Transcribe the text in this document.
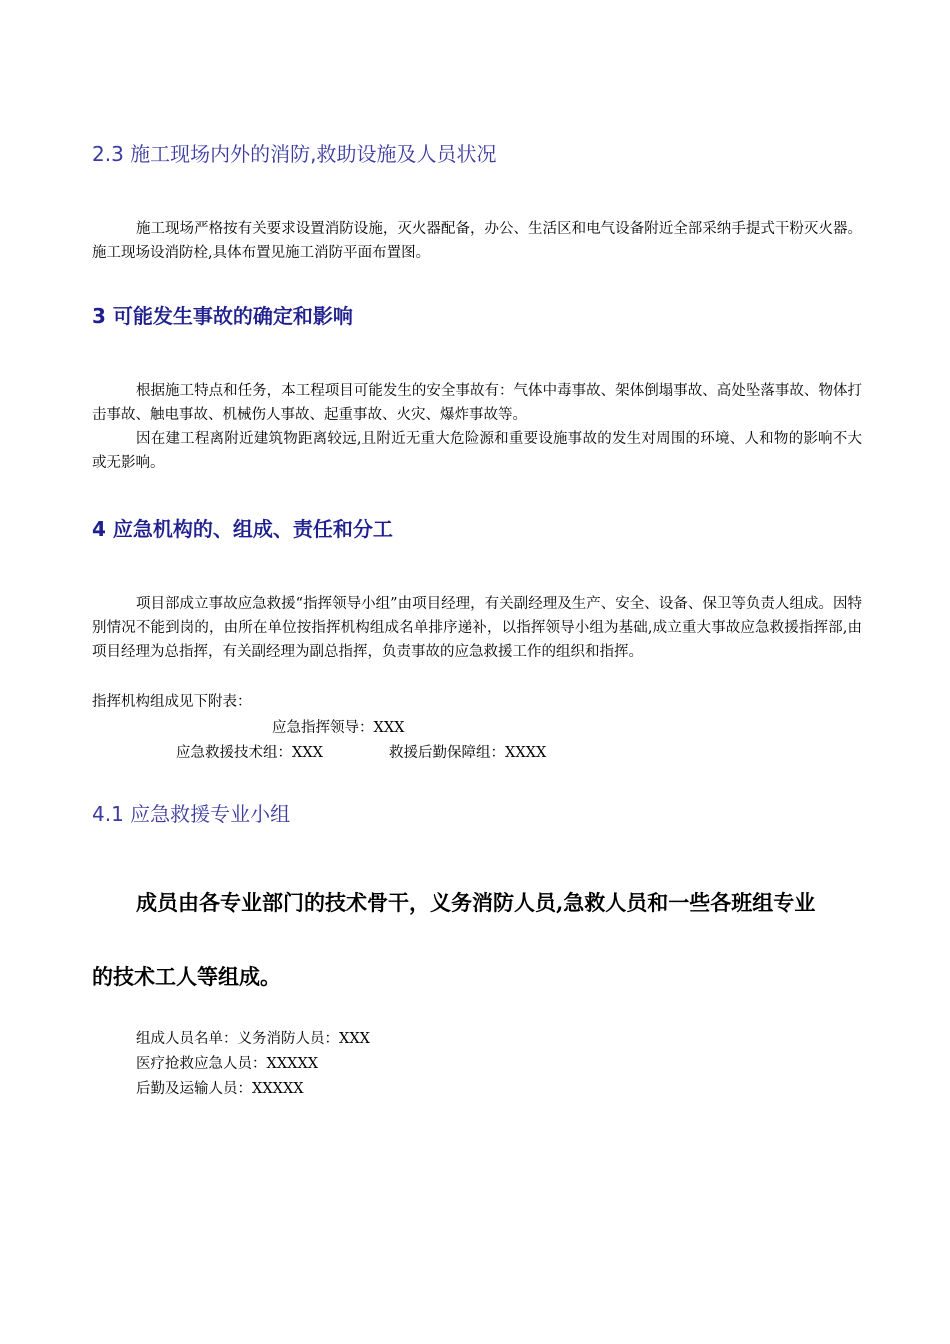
2.3 施工现场内外的消防,救助设施及人员状况

施工现场严格按有关要求设置消防设施，灭火器配备，办公、生活区和电气设备附近全部采纳手提式干粉灭火器。施工现场设消防栓,具体布置见施工消防平面布置图。

3 可能发生事故的确定和影响

根据施工特点和任务，本工程项目可能发生的安全事故有：气体中毒事故、架体倒塌事故、高处坠落事故、物体打击事故、触电事故、机械伤人事故、起重事故、火灾、爆炸事故等。

因在建工程离附近建筑物距离较远,且附近无重大危险源和重要设施事故的发生对周围的环境、人和物的影响不大或无影响。

4 应急机构的、组成、责任和分工

项目部成立事故应急救援“指挥领导小组”由项目经理，有关副经理及生产、安全、设备、保卫等负责人组成。因特别情况不能到岗的，由所在单位按指挥机构组成名单排序递补，以指挥领导小组为基础,成立重大事故应急救援指挥部,由项目经理为总指挥，有关副经理为副总指挥，负责事故的应急救援工作的组织和指挥。

指挥机构组成见下附表：
应急指挥领导：XXX
应急救援技术组：XXX	救援后勤保障组：XXXX
4.1 应急救援专业小组
成员由各专业部门的技术骨干，义务消防人员,急救人员和一些各班组专业
的技术工人等组成。
组成人员名单：义务消防人员：XXX
医疗抢救应急人员：XXXXX
后勤及运输人员：XXXXX
